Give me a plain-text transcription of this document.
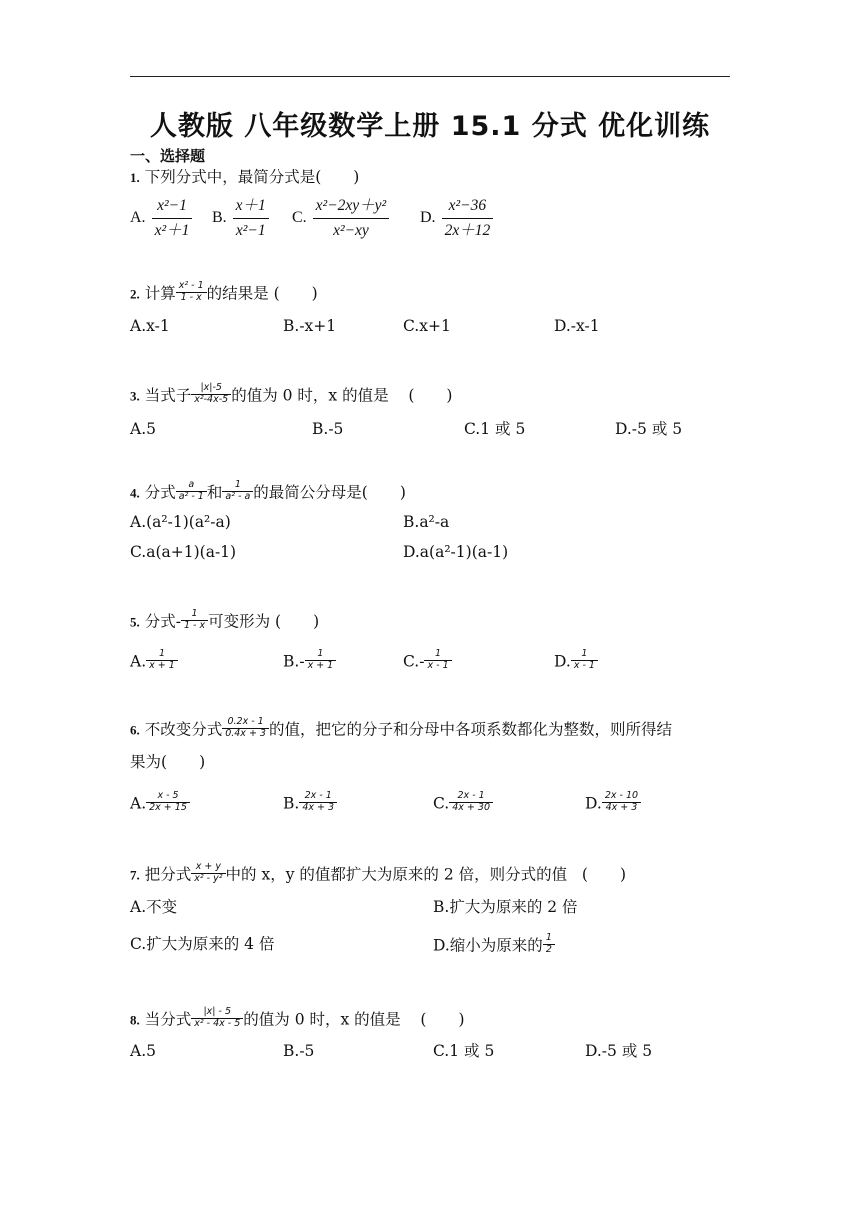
人教版 八年级数学上册 15.1 分式 优化训练
一、选择题
1. 下列分式中，最简分式是( )
A. $\frac{\text{x²−1}}{\text{x²＋1}} B$. $\frac{x+1}{\text{x²−1}} C$. $\frac{\text{x²−2xy＋y²}}{\text{x²−xy}} D$. $\frac{\text{x²−36}}{2x+12}$
2. 计算 $\frac{\text{x² - 1}}{1 - x}$ 的结果是 ( )
A.x-1	B.-x+1	C.x+1	D.-x-1
3. 当式子 $\frac{|x|-5}{\text{x²-4x-5}}$ 的值为 0 时，x 的值是 ( )
A.5	B.-5	C.1 或 5	D.-5 或 5
4. 分式 $\frac{a}{\text{a² - 1}}$ 和 $\frac{1}{\text{a² - a}}$ 的最简公分母是( )
A.(a²-1)(a²-a)	B.a²-a
C.a(a+1)(a-1)	D.a(a²-1)(a-1)
5. 分式- $\frac{1}{1 - x}$ 可变形为 ( )
A. $\frac{1}{x + 1}$	$B.- \frac{1}{x + 1}$	$C.- \frac{1}{x - 1}$	D. $\frac{1}{x - 1}$
6. 不改变分式 $\frac{0.2x - 1}{0.4x + 3}$ 的值，把它的分子和分母中各项系数都化为整数，则所得结
果为( )
A. $\frac{x - 5}{2x + 15}$	B. $\frac{2x - 1}{4x + 3}$	C. $\frac{2x - 1}{4x + 30}$	D. $\frac{2x - 10}{4x + 3}$
7. 把分式 $\frac{x + y}{\text{x² - y²}}$ 中的 x，y 的值都扩大为原来的 2 倍，则分式的值 ( )
A.不变	B.扩大为原来的 2 倍
C.扩大为原来的 4 倍	D.缩小为原来的 $\frac{1}{2}$
8. 当分式 $\frac{|x| - 5}{\text{x² - 4x - 5}}$ 的值为 0 时，x 的值是 ( )
A.5	B.-5	C.1 或 5	D.-5 或 5
